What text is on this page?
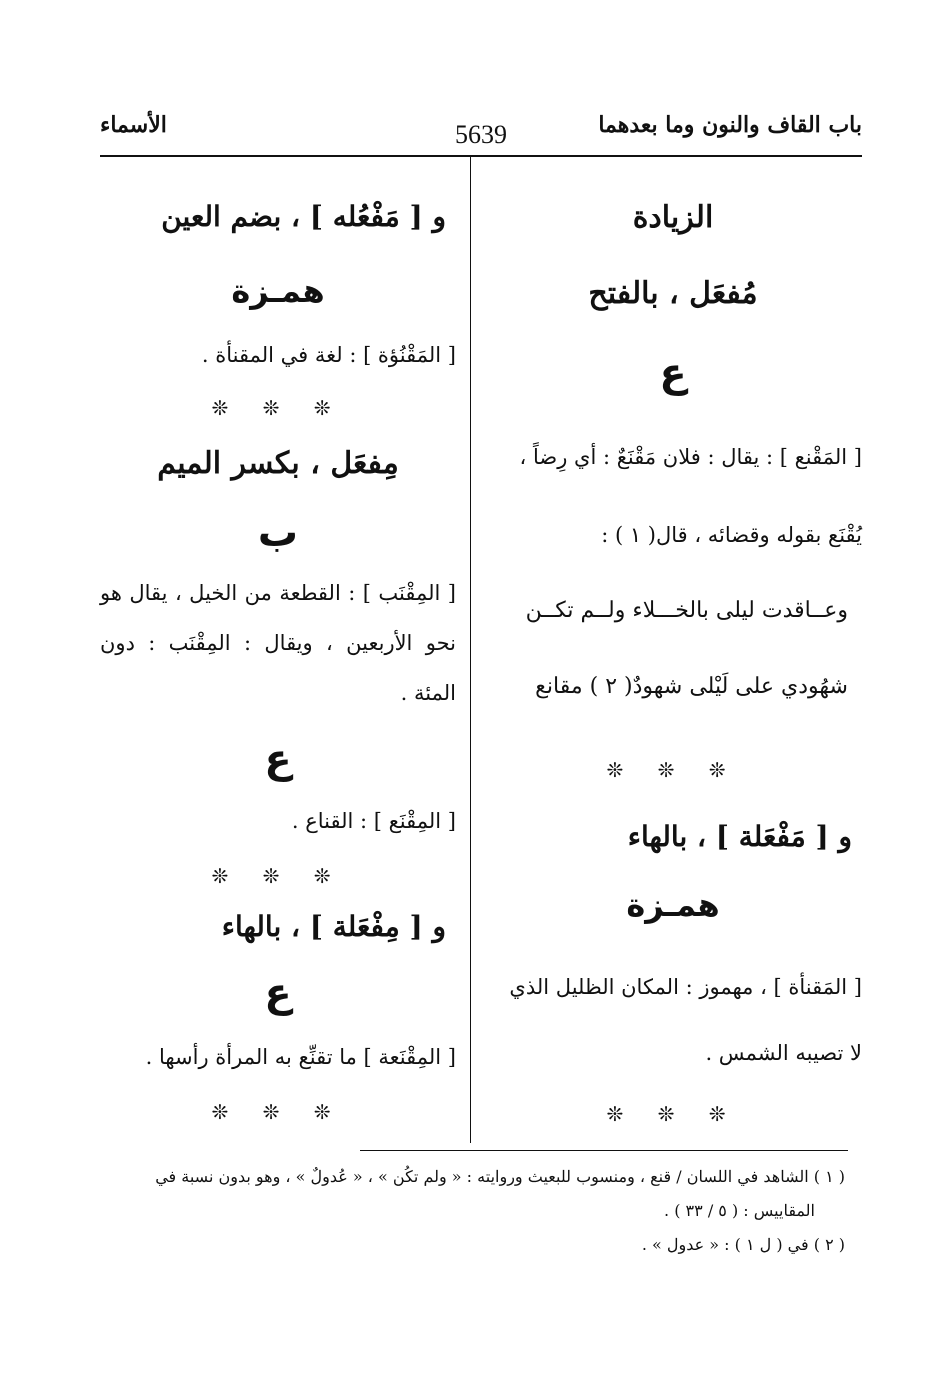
باب القاف والنون وما بعدهما
5639
الأسماء
الزيادة
مُفعَل ، بالفتح
ع
[ المَقْنع ] : يقال : فلان مَقْنَعٌ : أي رِضاً ،
يُقْنَع بقوله وقضائه ، قال( ١ ) :
وعــاقدت ليلى بالخـــلاء ولــم تكــن
شهُودي على لَيْلى شهودٌ( ٢ ) مقانع
❊ ❊ ❊
و [ مَفْعَلة ] ، بالهاء
همـزة
[ المَقنأة ] ، مهموز : المكان الظليل الذي
لا تصيبه الشمس .
❊ ❊ ❊
و [ مَفْعُله ] ، بضم العين
همـزة
[ المَقْنُؤة ] : لغة في المقنأة .
❊ ❊ ❊
مِفعَل ، بكسر الميم
ب
[ المِقْنَب ] : القطعة من الخيل ، يقال هو نحو الأربعين ، ويقال : المِقْنَب : دون المئة .
ع
[ المِقْنَع ] : القناع .
❊ ❊ ❊
و [ مِفْعَلة ] ، بالهاء
ع
[ المِقْنَعة ] ما تقنِّع به المرأة رأسها .
❊ ❊ ❊

( ١ ) الشاهد في اللسان / قنع ، ومنسوب للبعيث وروايته : « ولم تكُن » ، « عُدولٌ » ، وهو بدون نسبة في

المقاييس : ( ٥ / ٣٣ ) .

( ٢ ) في ( ل ١ ) : « عدول » .
